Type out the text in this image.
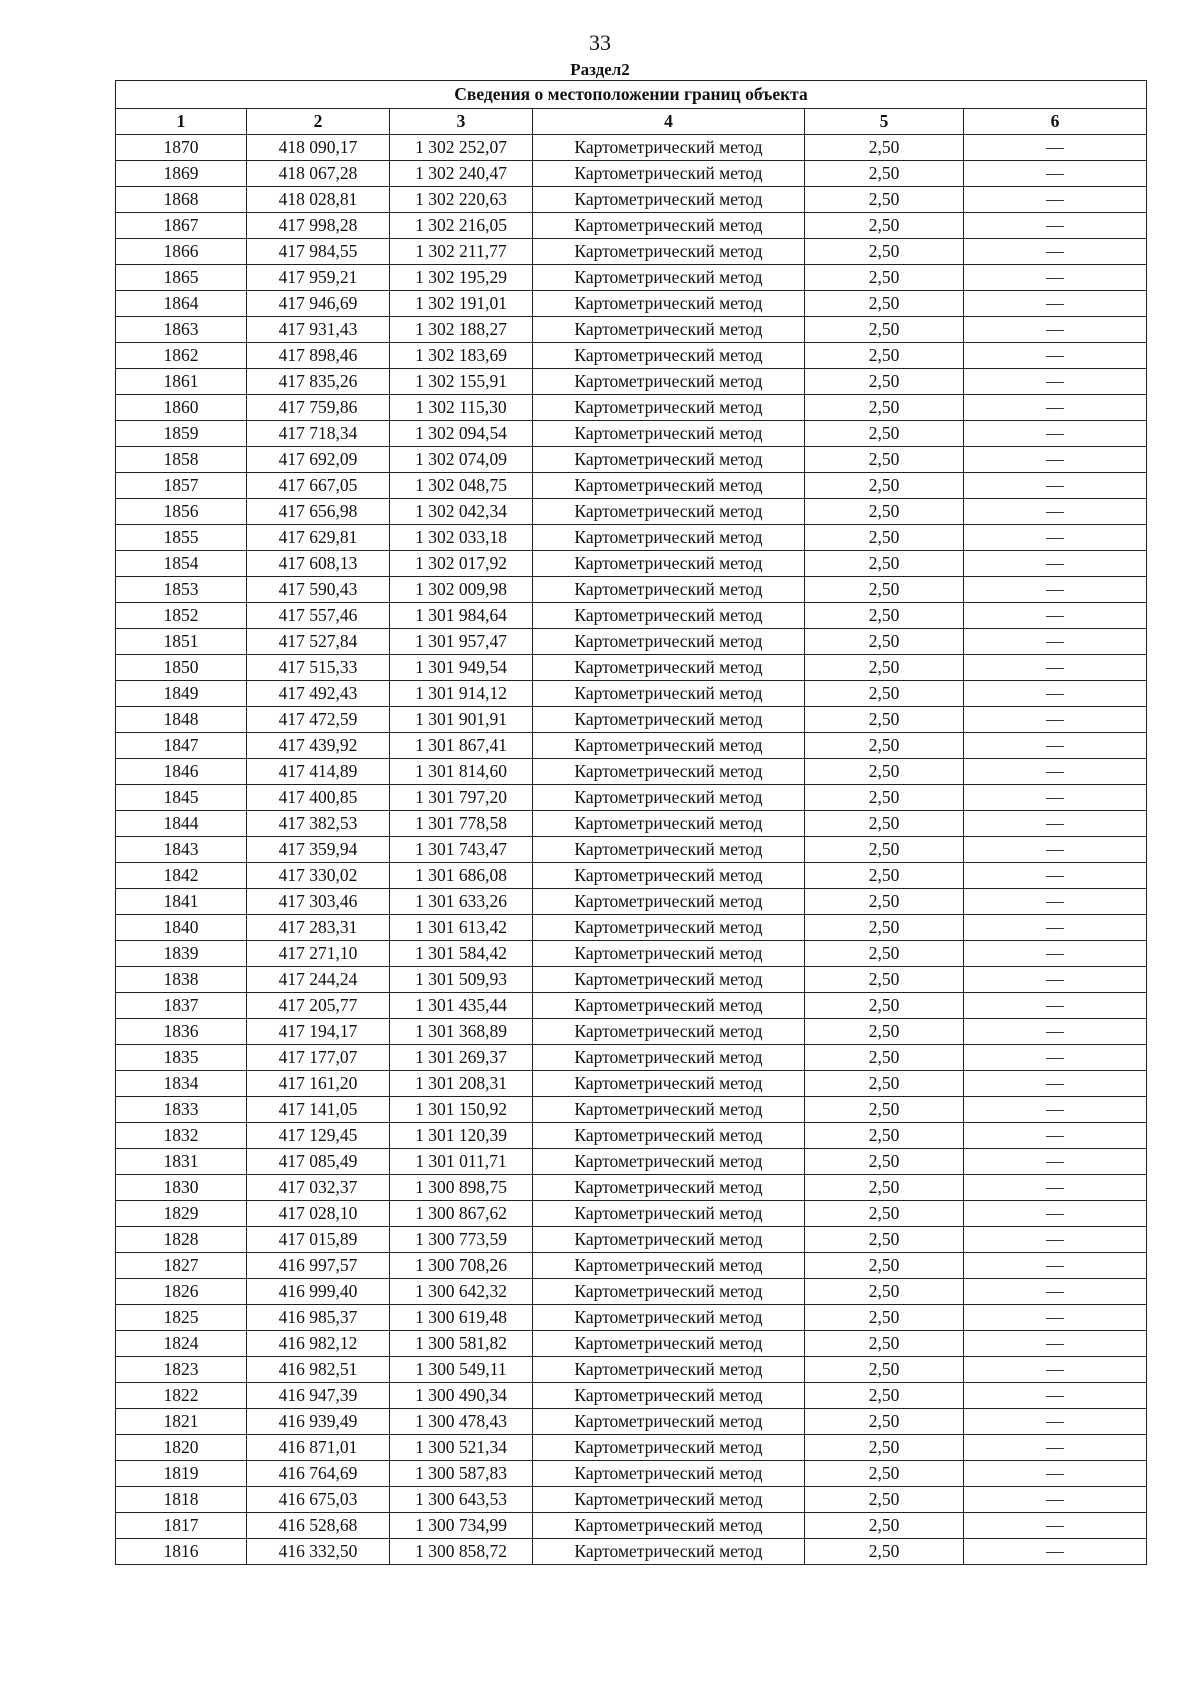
33
Раздел2
Сведения о местоположении границ объекта					
1	2	3	4	5	6
1870	418 090,17	1 302 252,07	Картометрический метод	2,50	—
1869	418 067,28	1 302 240,47	Картометрический метод	2,50	—
1868	418 028,81	1 302 220,63	Картометрический метод	2,50	—
1867	417 998,28	1 302 216,05	Картометрический метод	2,50	—
1866	417 984,55	1 302 211,77	Картометрический метод	2,50	—
1865	417 959,21	1 302 195,29	Картометрический метод	2,50	—
1864	417 946,69	1 302 191,01	Картометрический метод	2,50	—
1863	417 931,43	1 302 188,27	Картометрический метод	2,50	—
1862	417 898,46	1 302 183,69	Картометрический метод	2,50	—
1861	417 835,26	1 302 155,91	Картометрический метод	2,50	—
1860	417 759,86	1 302 115,30	Картометрический метод	2,50	—
1859	417 718,34	1 302 094,54	Картометрический метод	2,50	—
1858	417 692,09	1 302 074,09	Картометрический метод	2,50	—
1857	417 667,05	1 302 048,75	Картометрический метод	2,50	—
1856	417 656,98	1 302 042,34	Картометрический метод	2,50	—
1855	417 629,81	1 302 033,18	Картометрический метод	2,50	—
1854	417 608,13	1 302 017,92	Картометрический метод	2,50	—
1853	417 590,43	1 302 009,98	Картометрический метод	2,50	—
1852	417 557,46	1 301 984,64	Картометрический метод	2,50	—
1851	417 527,84	1 301 957,47	Картометрический метод	2,50	—
1850	417 515,33	1 301 949,54	Картометрический метод	2,50	—
1849	417 492,43	1 301 914,12	Картометрический метод	2,50	—
1848	417 472,59	1 301 901,91	Картометрический метод	2,50	—
1847	417 439,92	1 301 867,41	Картометрический метод	2,50	—
1846	417 414,89	1 301 814,60	Картометрический метод	2,50	—
1845	417 400,85	1 301 797,20	Картометрический метод	2,50	—
1844	417 382,53	1 301 778,58	Картометрический метод	2,50	—
1843	417 359,94	1 301 743,47	Картометрический метод	2,50	—
1842	417 330,02	1 301 686,08	Картометрический метод	2,50	—
1841	417 303,46	1 301 633,26	Картометрический метод	2,50	—
1840	417 283,31	1 301 613,42	Картометрический метод	2,50	—
1839	417 271,10	1 301 584,42	Картометрический метод	2,50	—
1838	417 244,24	1 301 509,93	Картометрический метод	2,50	—
1837	417 205,77	1 301 435,44	Картометрический метод	2,50	—
1836	417 194,17	1 301 368,89	Картометрический метод	2,50	—
1835	417 177,07	1 301 269,37	Картометрический метод	2,50	—
1834	417 161,20	1 301 208,31	Картометрический метод	2,50	—
1833	417 141,05	1 301 150,92	Картометрический метод	2,50	—
1832	417 129,45	1 301 120,39	Картометрический метод	2,50	—
1831	417 085,49	1 301 011,71	Картометрический метод	2,50	—
1830	417 032,37	1 300 898,75	Картометрический метод	2,50	—
1829	417 028,10	1 300 867,62	Картометрический метод	2,50	—
1828	417 015,89	1 300 773,59	Картометрический метод	2,50	—
1827	416 997,57	1 300 708,26	Картометрический метод	2,50	—
1826	416 999,40	1 300 642,32	Картометрический метод	2,50	—
1825	416 985,37	1 300 619,48	Картометрический метод	2,50	—
1824	416 982,12	1 300 581,82	Картометрический метод	2,50	—
1823	416 982,51	1 300 549,11	Картометрический метод	2,50	—
1822	416 947,39	1 300 490,34	Картометрический метод	2,50	—
1821	416 939,49	1 300 478,43	Картометрический метод	2,50	—
1820	416 871,01	1 300 521,34	Картометрический метод	2,50	—
1819	416 764,69	1 300 587,83	Картометрический метод	2,50	—
1818	416 675,03	1 300 643,53	Картометрический метод	2,50	—
1817	416 528,68	1 300 734,99	Картометрический метод	2,50	—
1816	416 332,50	1 300 858,72	Картометрический метод	2,50	—
